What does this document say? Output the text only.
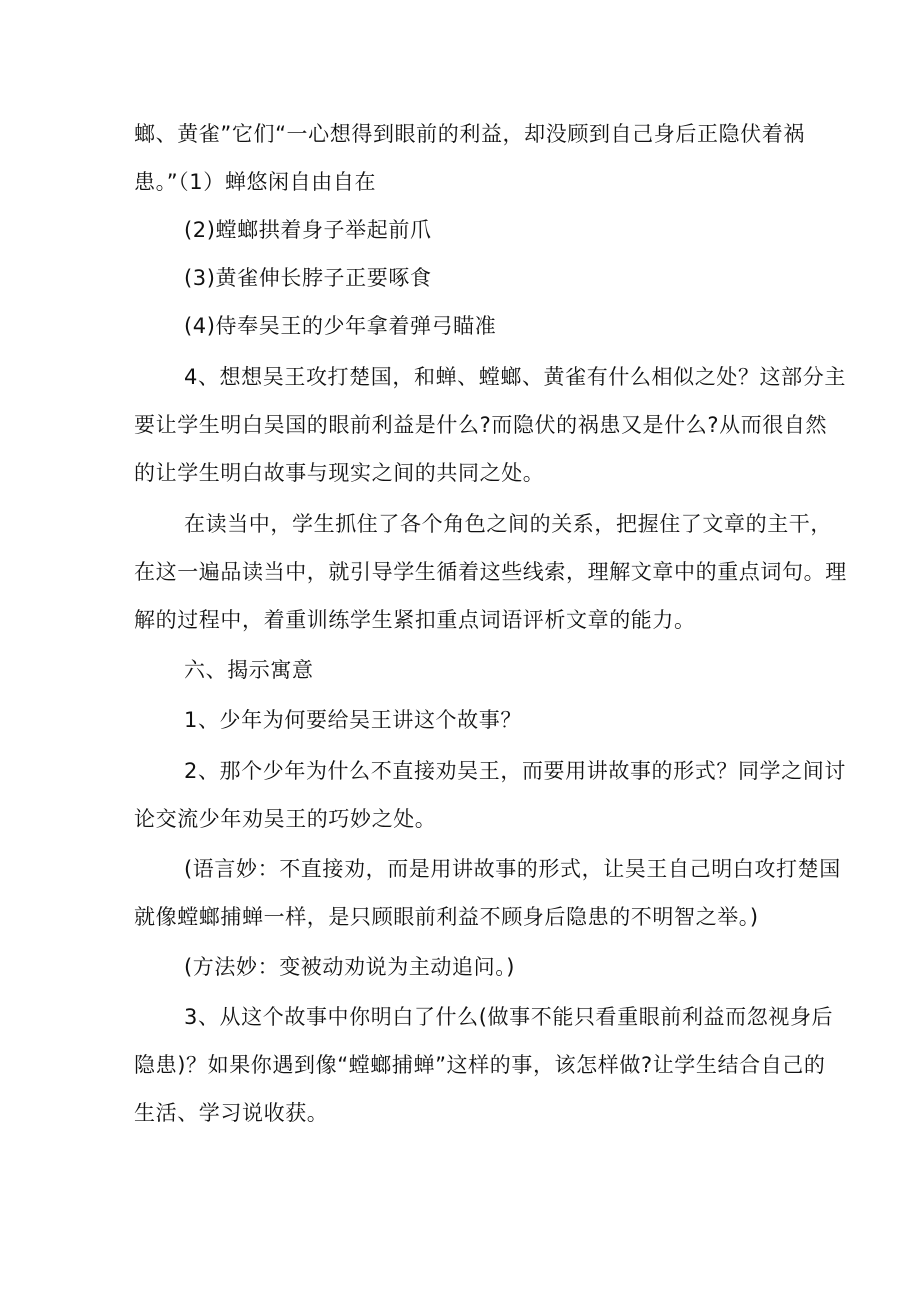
螂、黄雀”它们“一心想得到眼前的利益，却没顾到自己身后正隐伏着祸
患。”（1）蝉悠闲自由自在
(2)螳螂拱着身子举起前爪
(3)黄雀伸长脖子正要啄食
(4)侍奉吴王的少年拿着弹弓瞄准
4、想想吴王攻打楚国，和蝉、螳螂、黄雀有什么相似之处？这部分主
要让学生明白吴国的眼前利益是什么?而隐伏的祸患又是什么?从而很自然
的让学生明白故事与现实之间的共同之处。
在读当中，学生抓住了各个角色之间的关系，把握住了文章的主干，
在这一遍品读当中，就引导学生循着这些线索，理解文章中的重点词句。理
解的过程中，着重训练学生紧扣重点词语评析文章的能力。
六、揭示寓意
1、少年为何要给吴王讲这个故事？
2、那个少年为什么不直接劝吴王，而要用讲故事的形式？同学之间讨
论交流少年劝吴王的巧妙之处。
(语言妙：不直接劝，而是用讲故事的形式，让吴王自己明白攻打楚国
就像螳螂捕蝉一样，是只顾眼前利益不顾身后隐患的不明智之举。)
(方法妙：变被动劝说为主动追问。)
3、从这个故事中你明白了什么(做事不能只看重眼前利益而忽视身后
隐患)？如果你遇到像“螳螂捕蝉”这样的事，该怎样做?让学生结合自己的
生活、学习说收获。
